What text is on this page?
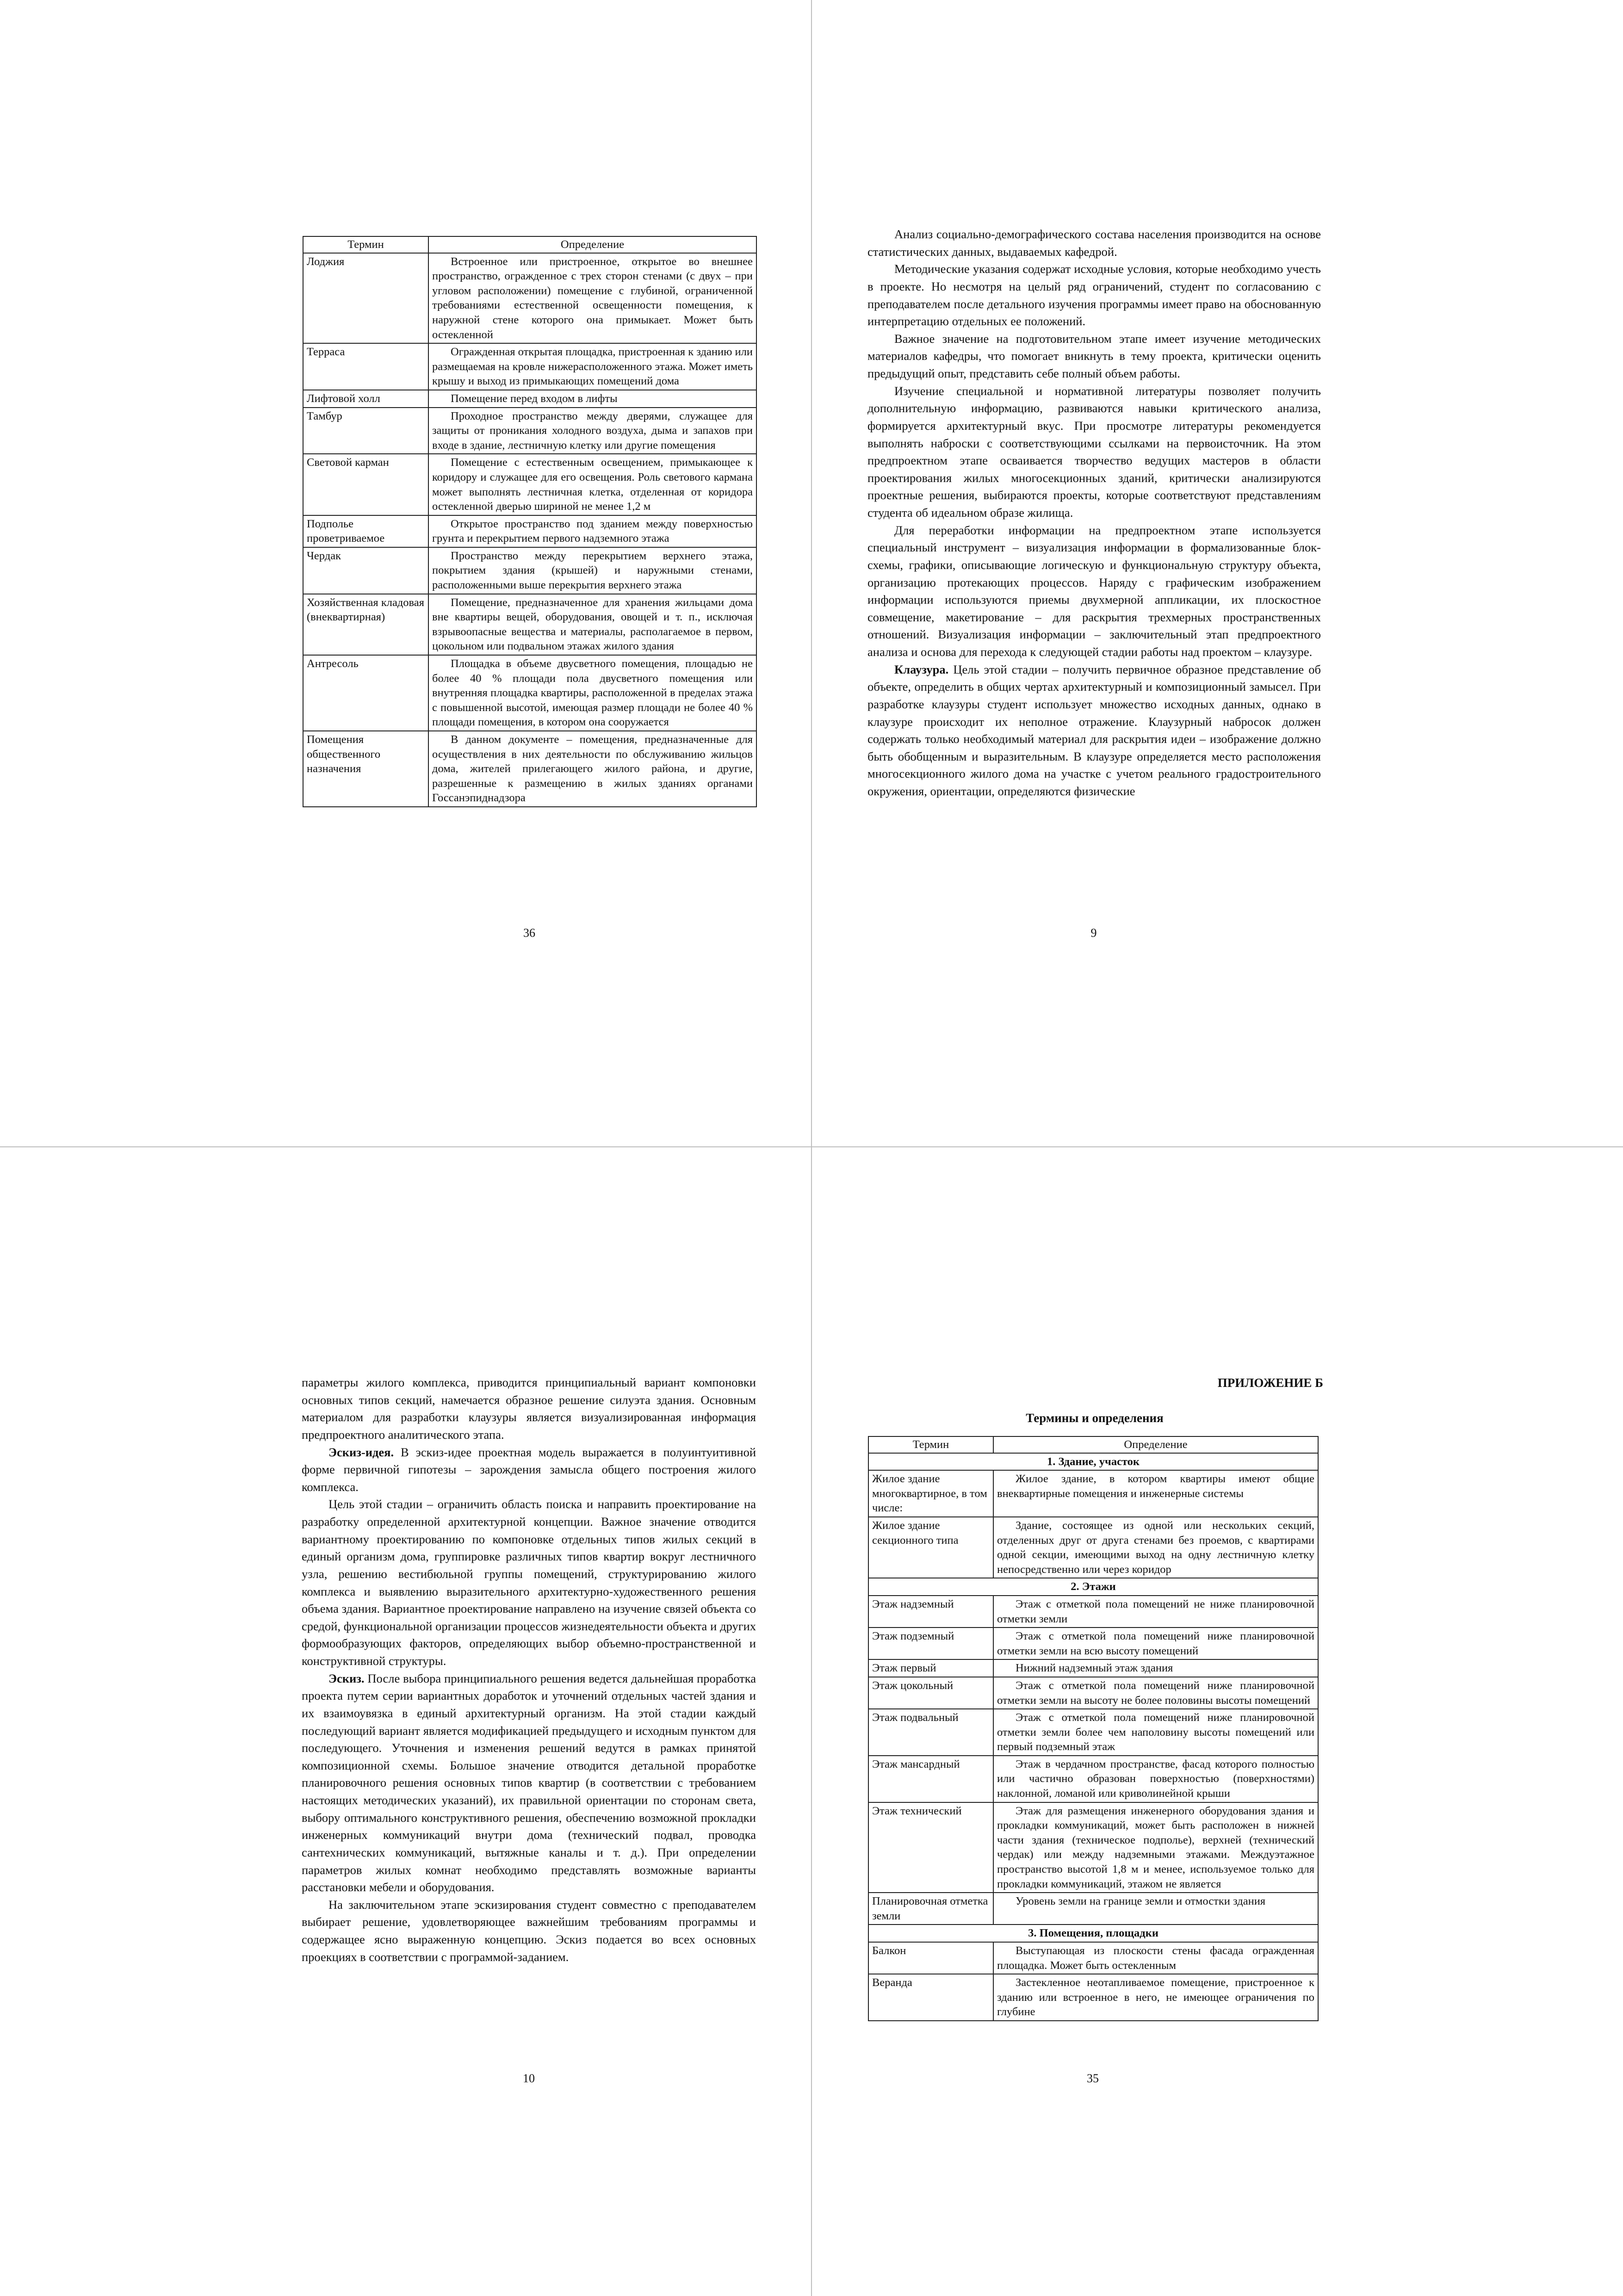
Термин	Определение
Лоджия	Встроенное или пристроенное, открытое во внешнее пространство, огражденное с трех сторон стенами (с двух – при угловом расположении) помещение с глубиной, ограниченной требованиями естественной освещенности помещения, к наружной стене которого она примыкает. Может быть остекленной
Терраса	Огражденная открытая площадка, пристроенная к зданию или размещаемая на кровле нижерасположенного этажа. Может иметь крышу и выход из примыкающих помещений дома
Лифтовой холл	Помещение перед входом в лифты
Тамбур	Проходное пространство между дверями, служащее для защиты от проникания холодного воздуха, дыма и запахов при входе в здание, лестничную клетку или другие помещения
Световой карман	Помещение с естественным освещением, примыкающее к коридору и служащее для его освещения. Роль светового кармана может выполнять лестничная клетка, отделенная от коридора остекленной дверью шириной не менее 1,2 м
Подполье проветриваемое	Открытое пространство под зданием между поверхностью грунта и перекрытием первого надземного этажа
Чердак	Пространство между перекрытием верхнего этажа, покрытием здания (крышей) и наружными стенами, расположенными выше перекрытия верхнего этажа
Хозяйственная кладовая (внеквартирная)	Помещение, предназначенное для хранения жильцами дома вне квартиры вещей, оборудования, овощей и т. п., исключая взрывоопасные вещества и материалы, располагаемое в первом, цокольном или подвальном этажах жилого здания
Антресоль	Площадка в объеме двусветного помещения, площадью не более 40 % площади пола двусветного помещения или внутренняя площадка квартиры, расположенной в пределах этажа с повышенной высотой, имеющая размер площади не более 40 % площади помещения, в котором она сооружается
Помещения общественного назначения	В данном документе – помещения, предназначенные для осуществления в них деятельности по обслуживанию жильцов дома, жителей прилегающего жилого района, и другие, разрешенные к размещению в жилых зданиях органами Госсанэпиднадзора
36

Анализ социально-демографического состава населения производится на основе статистических данных, выдаваемых кафедрой.

Методические указания содержат исходные условия, которые необходимо учесть в проекте. Но несмотря на целый ряд ограничений, студент по согласованию с преподавателем после детального изучения программы имеет право на обоснованную интерпретацию отдельных ее положений.

Важное значение на подготовительном этапе имеет изучение методических материалов кафедры, что помогает вникнуть в тему проекта, критически оценить предыдущий опыт, представить себе полный объем работы.

Изучение специальной и нормативной литературы позволяет получить дополнительную информацию, развиваются навыки критического анализа, формируется архитектурный вкус. При просмотре литературы рекомендуется выполнять наброски с соответствующими ссылками на первоисточник. На этом предпроектном этапе осваивается творчество ведущих мастеров в области проектирования жилых многосекционных зданий, критически анализируются проектные решения, выбираются проекты, которые соответствуют представлениям студента об идеальном образе жилища.

Для переработки информации на предпроектном этапе используется специальный инструмент – визуализация информации в формализованные блок-схемы, графики, описывающие логическую и функциональную структуру объекта, организацию протекающих процессов. Наряду с графическим изображением информации используются приемы двухмерной аппликации, их плоскостное совмещение, макетирование – для раскрытия трехмерных пространственных отношений. Визуализация информации – заключительный этап предпроектного анализа и основа для перехода к следующей стадии работы над проектом – клаузуре.

Клаузура. Цель этой стадии – получить первичное образное представление об объекте, определить в общих чертах архитектурный и композиционный замысел. При разработке клаузуры студент использует множество исходных данных, однако в клаузуре происходит их неполное отражение. Клаузурный набросок должен содержать только необходимый материал для раскрытия идеи – изображение должно быть обобщенным и выразительным. В клаузуре определяется место расположения многосекционного жилого дома на участке с учетом реального градостроительного окружения, ориентации, определяются физические

9

параметры жилого комплекса, приводится принципиальный вариант компоновки основных типов секций, намечается образное решение силуэта здания. Основным материалом для разработки клаузуры является визуализированная информация предпроектного аналитического этапа.

Эскиз-идея. В эскиз-идее проектная модель выражается в полуинтуитивной форме первичной гипотезы – зарождения замысла общего построения жилого комплекса.

Цель этой стадии – ограничить область поиска и направить проектирование на разработку определенной архитектурной концепции. Важное значение отводится вариантному проектированию по компоновке отдельных типов жилых секций в единый организм дома, группировке различных типов квартир вокруг лестничного узла, решению вестибюльной группы помещений, структурированию жилого комплекса и выявлению выразительного архитектурно-художественного решения объема здания. Вариантное проектирование направлено на изучение связей объекта со средой, функциональной организации процессов жизнедеятельности объекта и других формообразующих факторов, определяющих выбор объемно-пространственной и конструктивной структуры.

Эскиз. После выбора принципиального решения ведется дальнейшая проработка проекта путем серии вариантных доработок и уточнений отдельных частей здания и их взаимоувязка в единый архитектурный организм. На этой стадии каждый последующий вариант является модификацией предыдущего и исходным пунктом для последующего. Уточнения и изменения решений ведутся в рамках принятой композиционной схемы. Большое значение отводится детальной проработке планировочного решения основных типов квартир (в соответствии с требованием настоящих методических указаний), их правильной ориентации по сторонам света, выбору оптимального конструктивного решения, обеспечению возможной прокладки инженерных коммуникаций внутри дома (технический подвал, проводка сантехнических коммуникаций, вытяжные каналы и т. д.). При определении параметров жилых комнат необходимо представлять возможные варианты расстановки мебели и оборудования.

На заключительном этапе эскизирования студент совместно с преподавателем выбирает решение, удовлетворяющее важнейшим требованиям программы и содержащее ясно выраженную концепцию. Эскиз подается во всех основных проекциях в соответствии с программой-заданием.

10
ПРИЛОЖЕНИЕ Б
Термины и определения
Термин	Определение
1. Здание, участок	
Жилое здание многоквартирное, в том числе:	Жилое здание, в котором квартиры имеют общие внеквартирные помещения и инженерные системы
Жилое здание секционного типа	Здание, состоящее из одной или нескольких секций, отделенных друг от друга стенами без проемов, с квартирами одной секции, имеющими выход на одну лестничную клетку непосредственно или через коридор
2. Этажи	
Этаж надземный	Этаж с отметкой пола помещений не ниже планировочной отметки земли
Этаж подземный	Этаж с отметкой пола помещений ниже планировочной отметки земли на всю высоту помещений
Этаж первый	Нижний надземный этаж здания
Этаж цокольный	Этаж с отметкой пола помещений ниже планировочной отметки земли на высоту не более половины высоты помещений
Этаж подвальный	Этаж с отметкой пола помещений ниже планировочной отметки земли более чем наполовину высоты помещений или первый подземный этаж
Этаж мансардный	Этаж в чердачном пространстве, фасад которого полностью или частично образован поверхностью (поверхностями) наклонной, ломаной или криволинейной крыши
Этаж технический	Этаж для размещения инженерного оборудования здания и прокладки коммуникаций, может быть расположен в нижней части здания (техническое подполье), верхней (технический чердак) или между надземными этажами. Междуэтажное пространство высотой 1,8 м и менее, используемое только для прокладки коммуникаций, этажом не является
Планировочная отметка земли	Уровень земли на границе земли и отмостки здания
3. Помещения, площадки	
Балкон	Выступающая из плоскости стены фасада огражденная площадка. Может быть остекленным
Веранда	Застекленное неотапливаемое помещение, пристроенное к зданию или встроенное в него, не имеющее ограничения по глубине
35
